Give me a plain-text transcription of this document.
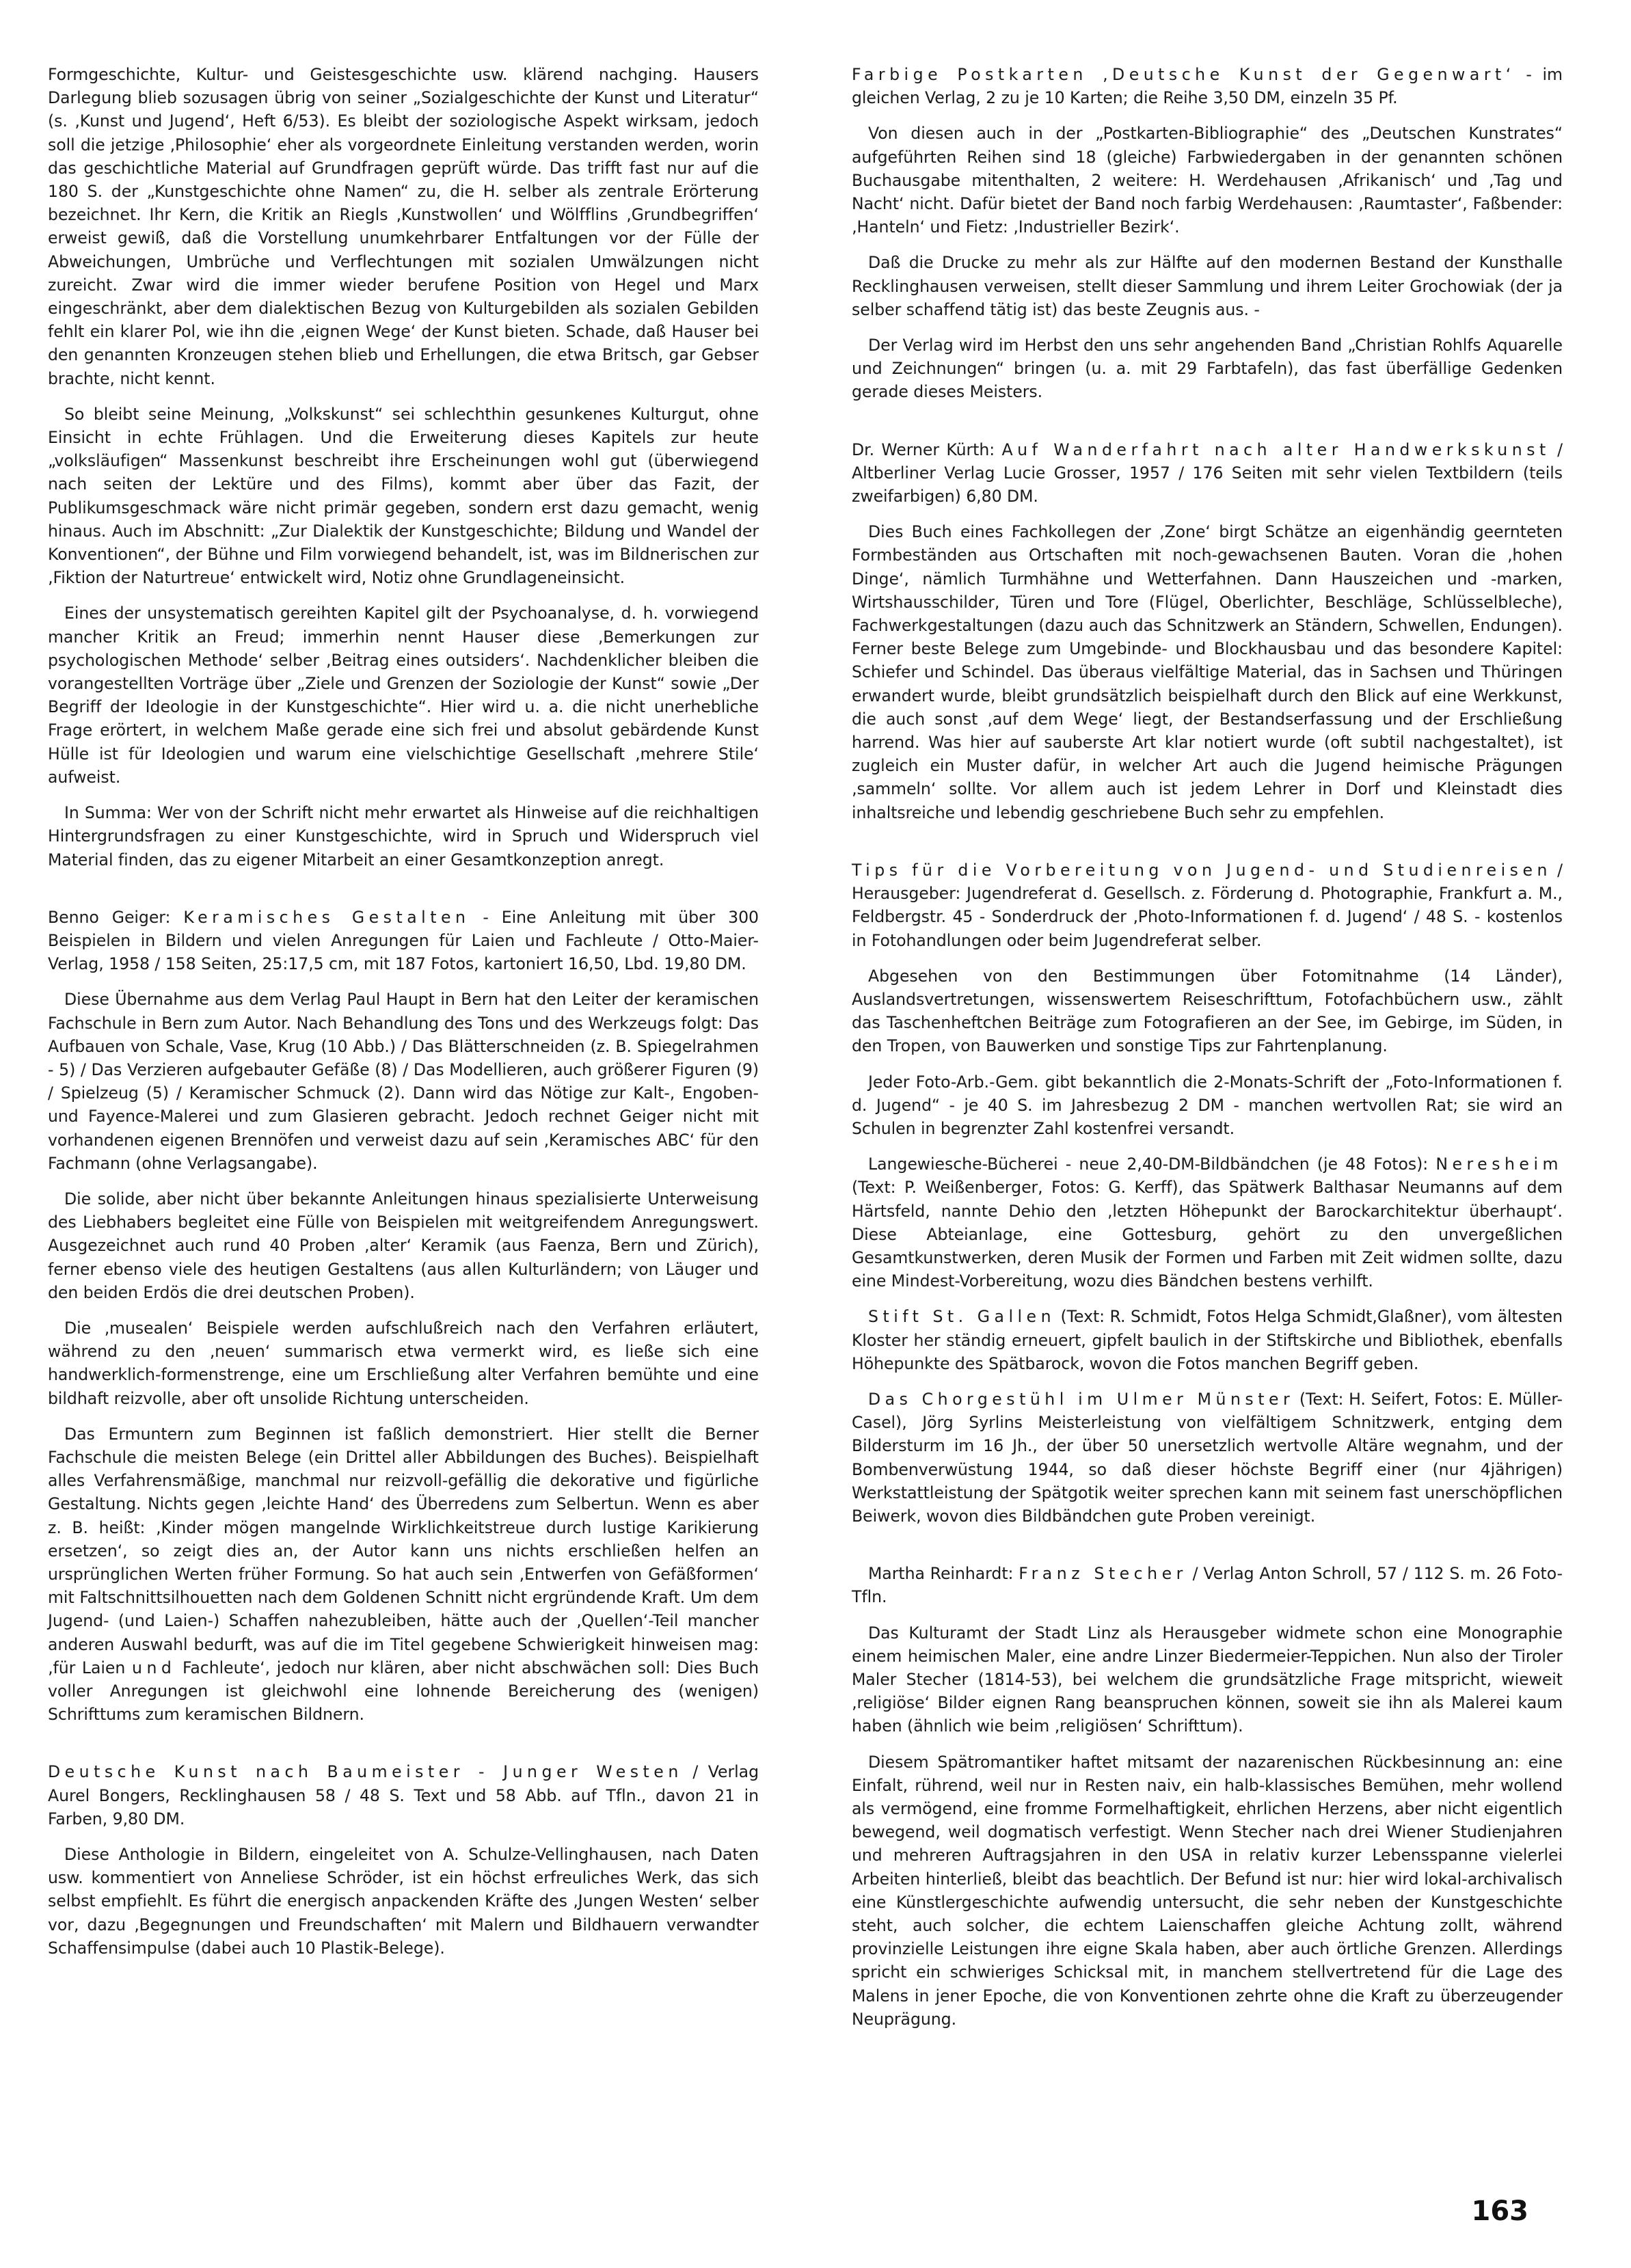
Formgeschichte, Kultur- und Geistesgeschichte usw. klärend nachging. Hausers Darlegung blieb sozusagen übrig von seiner „Sozialgeschichte der Kunst und Literatur“ (s. ‚Kunst und Jugend‘, Heft 6/53). Es bleibt der soziologische Aspekt wirksam, jedoch soll die jetzige ‚Philosophie‘ eher als vorgeordnete Einleitung verstanden werden, worin das geschichtliche Material auf Grundfragen geprüft würde. Das trifft fast nur auf die 180 S. der „Kunstgeschichte ohne Namen“ zu, die H. selber als zentrale Erörterung bezeichnet. Ihr Kern, die Kritik an Riegls ‚Kunstwollen‘ und Wölfflins ‚Grundbegriffen‘ erweist gewiß, daß die Vorstellung unumkehrbarer Entfaltungen vor der Fülle der Abweichungen, Umbrüche und Verflechtungen mit sozialen Umwälzungen nicht zureicht. Zwar wird die immer wieder berufene Position von Hegel und Marx eingeschränkt, aber dem dialektischen Bezug von Kulturgebilden als sozialen Gebilden fehlt ein klarer Pol, wie ihn die ‚eignen Wege‘ der Kunst bieten. Schade, daß Hauser bei den genannten Kronzeugen stehen blieb und Erhellungen, die etwa Britsch, gar Gebser brachte, nicht kennt.

So bleibt seine Meinung, „Volkskunst“ sei schlechthin gesunkenes Kulturgut, ohne Einsicht in echte Frühlagen. Und die Erweiterung dieses Kapitels zur heute „volksläufigen“ Massenkunst beschreibt ihre Erscheinungen wohl gut (überwiegend nach seiten der Lektüre und des Films), kommt aber über das Fazit, der Publikumsgeschmack wäre nicht primär gegeben, sondern erst dazu gemacht, wenig hinaus. Auch im Abschnitt: „Zur Dialektik der Kunstgeschichte; Bildung und Wandel der Konventionen“, der Bühne und Film vorwiegend behandelt, ist, was im Bildnerischen zur ‚Fiktion der Naturtreue‘ entwickelt wird, Notiz ohne Grundlageneinsicht.

Eines der unsystematisch gereihten Kapitel gilt der Psychoanalyse, d. h. vorwiegend mancher Kritik an Freud; immerhin nennt Hauser diese ‚Bemerkungen zur psychologischen Methode‘ selber ‚Beitrag eines outsiders‘. Nachdenklicher bleiben die vorangestellten Vorträge über „Ziele und Grenzen der Soziologie der Kunst“ sowie „Der Begriff der Ideologie in der Kunstgeschichte“. Hier wird u. a. die nicht unerhebliche Frage erörtert, in welchem Maße gerade eine sich frei und absolut gebärdende Kunst Hülle ist für Ideologien und warum eine vielschichtige Gesellschaft ‚mehrere Stile‘ aufweist.

In Summa: Wer von der Schrift nicht mehr erwartet als Hinweise auf die reichhaltigen Hintergrundsfragen zu einer Kunstgeschichte, wird in Spruch und Widerspruch viel Material finden, das zu eigener Mitarbeit an einer Gesamtkonzeption anregt.

Benno Geiger: Keramisches Gestalten - Eine Anleitung mit über 300 Beispielen in Bildern und vielen Anregungen für Laien und Fachleute / Otto-Maier-Verlag, 1958 / 158 Seiten, 25:17,5 cm, mit 187 Fotos, kartoniert 16,50, Lbd. 19,80 DM.

Diese Übernahme aus dem Verlag Paul Haupt in Bern hat den Leiter der keramischen Fachschule in Bern zum Autor. Nach Behandlung des Tons und des Werkzeugs folgt: Das Aufbauen von Schale, Vase, Krug (10 Abb.) / Das Blätterschneiden (z. B. Spiegelrahmen - 5) / Das Verzieren aufgebauter Gefäße (8) / Das Modellieren, auch größerer Figuren (9) / Spielzeug (5) / Keramischer Schmuck (2). Dann wird das Nötige zur Kalt-, Engoben- und Fayence-Malerei und zum Glasieren gebracht. Jedoch rechnet Geiger nicht mit vorhandenen eigenen Brennöfen und verweist dazu auf sein ‚Keramisches ABC‘ für den Fachmann (ohne Verlagsangabe).

Die solide, aber nicht über bekannte Anleitungen hinaus spezialisierte Unterweisung des Liebhabers begleitet eine Fülle von Beispielen mit weitgreifendem Anregungswert. Ausgezeichnet auch rund 40 Proben ‚alter‘ Keramik (aus Faenza, Bern und Zürich), ferner ebenso viele des heutigen Gestaltens (aus allen Kulturländern; von Läuger und den beiden Erdös die drei deutschen Proben).

Die ‚musealen‘ Beispiele werden aufschlußreich nach den Verfahren erläutert, während zu den ‚neuen‘ summarisch etwa vermerkt wird, es ließe sich eine handwerklich-formenstrenge, eine um Erschließung alter Verfahren bemühte und eine bildhaft reizvolle, aber oft unsolide Richtung unterscheiden.

Das Ermuntern zum Beginnen ist faßlich demonstriert. Hier stellt die Berner Fachschule die meisten Belege (ein Drittel aller Abbildungen des Buches). Beispielhaft alles Verfahrensmäßige, manchmal nur reizvoll-gefällig die dekorative und figürliche Gestaltung. Nichts gegen ‚leichte Hand‘ des Überredens zum Selbertun. Wenn es aber z. B. heißt: ‚Kinder mögen mangelnde Wirklichkeitstreue durch lustige Karikierung ersetzen‘, so zeigt dies an, der Autor kann uns nichts erschließen helfen an ursprünglichen Werten früher Formung. So hat auch sein ‚Entwerfen von Gefäßformen‘ mit Faltschnittsilhouetten nach dem Goldenen Schnitt nicht ergründende Kraft. Um dem Jugend- (und Laien-) Schaffen nahezubleiben, hätte auch der ‚Quellen‘-Teil mancher anderen Auswahl bedurft, was auf die im Titel gegebene Schwierigkeit hinweisen mag: ‚für Laien und Fachleute‘, jedoch nur klären, aber nicht abschwächen soll: Dies Buch voller Anregungen ist gleichwohl eine lohnende Bereicherung des (wenigen) Schrifttums zum keramischen Bildnern.

Deutsche Kunst nach Baumeister - Junger Westen / Verlag Aurel Bongers, Recklinghausen 58 / 48 S. Text und 58 Abb. auf Tfln., davon 21 in Farben, 9,80 DM.

Diese Anthologie in Bildern, eingeleitet von A. Schulze-Vellinghausen, nach Daten usw. kommentiert von Anneliese Schröder, ist ein höchst erfreuliches Werk, das sich selbst empfiehlt. Es führt die energisch anpackenden Kräfte des ‚Jungen Westen‘ selber vor, dazu ‚Begegnungen und Freundschaften‘ mit Malern und Bildhauern verwandter Schaffensimpulse (dabei auch 10 Plastik-Belege).

Farbige Postkarten ‚Deutsche Kunst der Gegenwart‘ - im gleichen Verlag, 2 zu je 10 Karten; die Reihe 3,50 DM, einzeln 35 Pf.

Von diesen auch in der „Postkarten-Bibliographie“ des „Deutschen Kunstrates“ aufgeführten Reihen sind 18 (gleiche) Farbwiedergaben in der genannten schönen Buchausgabe mitenthalten, 2 weitere: H. Werdehausen ‚Afrikanisch‘ und ‚Tag und Nacht‘ nicht. Dafür bietet der Band noch farbig Werdehausen: ‚Raumtaster‘, Faßbender: ‚Hanteln‘ und Fietz: ‚Industrieller Bezirk‘.

Daß die Drucke zu mehr als zur Hälfte auf den modernen Bestand der Kunsthalle Recklinghausen verweisen, stellt dieser Sammlung und ihrem Leiter Grochowiak (der ja selber schaffend tätig ist) das beste Zeugnis aus. -

Der Verlag wird im Herbst den uns sehr angehenden Band „Christian Rohlfs Aquarelle und Zeichnungen“ bringen (u. a. mit 29 Farbtafeln), das fast überfällige Gedenken gerade dieses Meisters.

Dr. Werner Kürth: Auf Wanderfahrt nach alter Handwerkskunst / Altberliner Verlag Lucie Grosser, 1957 / 176 Seiten mit sehr vielen Textbildern (teils zweifarbigen) 6,80 DM.

Dies Buch eines Fachkollegen der ‚Zone‘ birgt Schätze an eigenhändig geernteten Formbeständen aus Ortschaften mit noch-gewachsenen Bauten. Voran die ‚hohen Dinge‘, nämlich Turmhähne und Wetterfahnen. Dann Hauszeichen und -marken, Wirtshausschilder, Türen und Tore (Flügel, Oberlichter, Beschläge, Schlüsselbleche), Fachwerkgestaltungen (dazu auch das Schnitzwerk an Ständern, Schwellen, Endungen). Ferner beste Belege zum Umgebinde- und Blockhausbau und das besondere Kapitel: Schiefer und Schindel. Das überaus vielfältige Material, das in Sachsen und Thüringen erwandert wurde, bleibt grundsätzlich beispielhaft durch den Blick auf eine Werkkunst, die auch sonst ‚auf dem Wege‘ liegt, der Bestandserfassung und der Erschließung harrend. Was hier auf sauberste Art klar notiert wurde (oft subtil nachgestaltet), ist zugleich ein Muster dafür, in welcher Art auch die Jugend heimische Prägungen ‚sammeln‘ sollte. Vor allem auch ist jedem Lehrer in Dorf und Kleinstadt dies inhaltsreiche und lebendig geschriebene Buch sehr zu empfehlen.

Tips für die Vorbereitung von Jugend- und Studienreisen / Herausgeber: Jugendreferat d. Gesellsch. z. Förderung d. Photographie, Frankfurt a. M., Feldbergstr. 45 - Sonderdruck der ‚Photo-Informationen f. d. Jugend‘ / 48 S. - kostenlos in Fotohandlungen oder beim Jugendreferat selber.

Abgesehen von den Bestimmungen über Fotomitnahme (14 Länder), Auslandsvertretungen, wissenswertem Reiseschrifttum, Fotofachbüchern usw., zählt das Taschenheftchen Beiträge zum Fotografieren an der See, im Gebirge, im Süden, in den Tropen, von Bauwerken und sonstige Tips zur Fahrtenplanung.

Jeder Foto-Arb.-Gem. gibt bekanntlich die 2-Monats-Schrift der „Foto-Informationen f. d. Jugend“ - je 40 S. im Jahresbezug 2 DM - manchen wertvollen Rat; sie wird an Schulen in begrenzter Zahl kostenfrei versandt.

Langewiesche-Bücherei - neue 2,40-DM-Bildbändchen (je 48 Fotos): Neresheim (Text: P. Weißenberger, Fotos: G. Kerff), das Spätwerk Balthasar Neumanns auf dem Härtsfeld, nannte Dehio den ‚letzten Höhepunkt der Barockarchitektur überhaupt‘. Diese Abteianlage, eine Gottesburg, gehört zu den unvergeßlichen Gesamtkunstwerken, deren Musik der Formen und Farben mit Zeit widmen sollte, dazu eine Mindest-Vorbereitung, wozu dies Bändchen bestens verhilft.

Stift St. Gallen (Text: R. Schmidt, Fotos Helga Schmidt,Glaßner), vom ältesten Kloster her ständig erneuert, gipfelt baulich in der Stiftskirche und Bibliothek, ebenfalls Höhepunkte des Spätbarock, wovon die Fotos manchen Begriff geben.

Das Chorgestühl im Ulmer Münster (Text: H. Seifert, Fotos: E. Müller-Casel), Jörg Syrlins Meisterleistung von vielfältigem Schnitzwerk, entging dem Bildersturm im 16 Jh., der über 50 unersetzlich wertvolle Altäre wegnahm, und der Bombenverwüstung 1944, so daß dieser höchste Begriff einer (nur 4jährigen) Werkstattleistung der Spätgotik weiter sprechen kann mit seinem fast unerschöpflichen Beiwerk, wovon dies Bildbändchen gute Proben vereinigt.

Martha Reinhardt: Franz Stecher / Verlag Anton Schroll, 57 / 112 S. m. 26 Foto-Tfln.

Das Kulturamt der Stadt Linz als Herausgeber widmete schon eine Monographie einem heimischen Maler, eine andre Linzer Biedermeier-Teppichen. Nun also der Tiroler Maler Stecher (1814-53), bei welchem die grundsätzliche Frage mitspricht, wieweit ‚religiöse‘ Bilder eignen Rang beanspruchen können, soweit sie ihn als Malerei kaum haben (ähnlich wie beim ‚religiösen‘ Schrifttum).

Diesem Spätromantiker haftet mitsamt der nazarenischen Rückbesinnung an: eine Einfalt, rührend, weil nur in Resten naiv, ein halb-klassisches Bemühen, mehr wollend als vermögend, eine fromme Formelhaftigkeit, ehrlichen Herzens, aber nicht eigentlich bewegend, weil dogmatisch verfestigt. Wenn Stecher nach drei Wiener Studienjahren und mehreren Auftragsjahren in den USA in relativ kurzer Lebensspanne vielerlei Arbeiten hinterließ, bleibt das beachtlich. Der Befund ist nur: hier wird lokal-archivalisch eine Künstlergeschichte aufwendig untersucht, die sehr neben der Kunstgeschichte steht, auch solcher, die echtem Laienschaffen gleiche Achtung zollt, während provinzielle Leistungen ihre eigne Skala haben, aber auch örtliche Grenzen. Allerdings spricht ein schwieriges Schicksal mit, in manchem stellvertretend für die Lage des Malens in jener Epoche, die von Konventionen zehrte ohne die Kraft zu überzeugender Neuprägung.

163
